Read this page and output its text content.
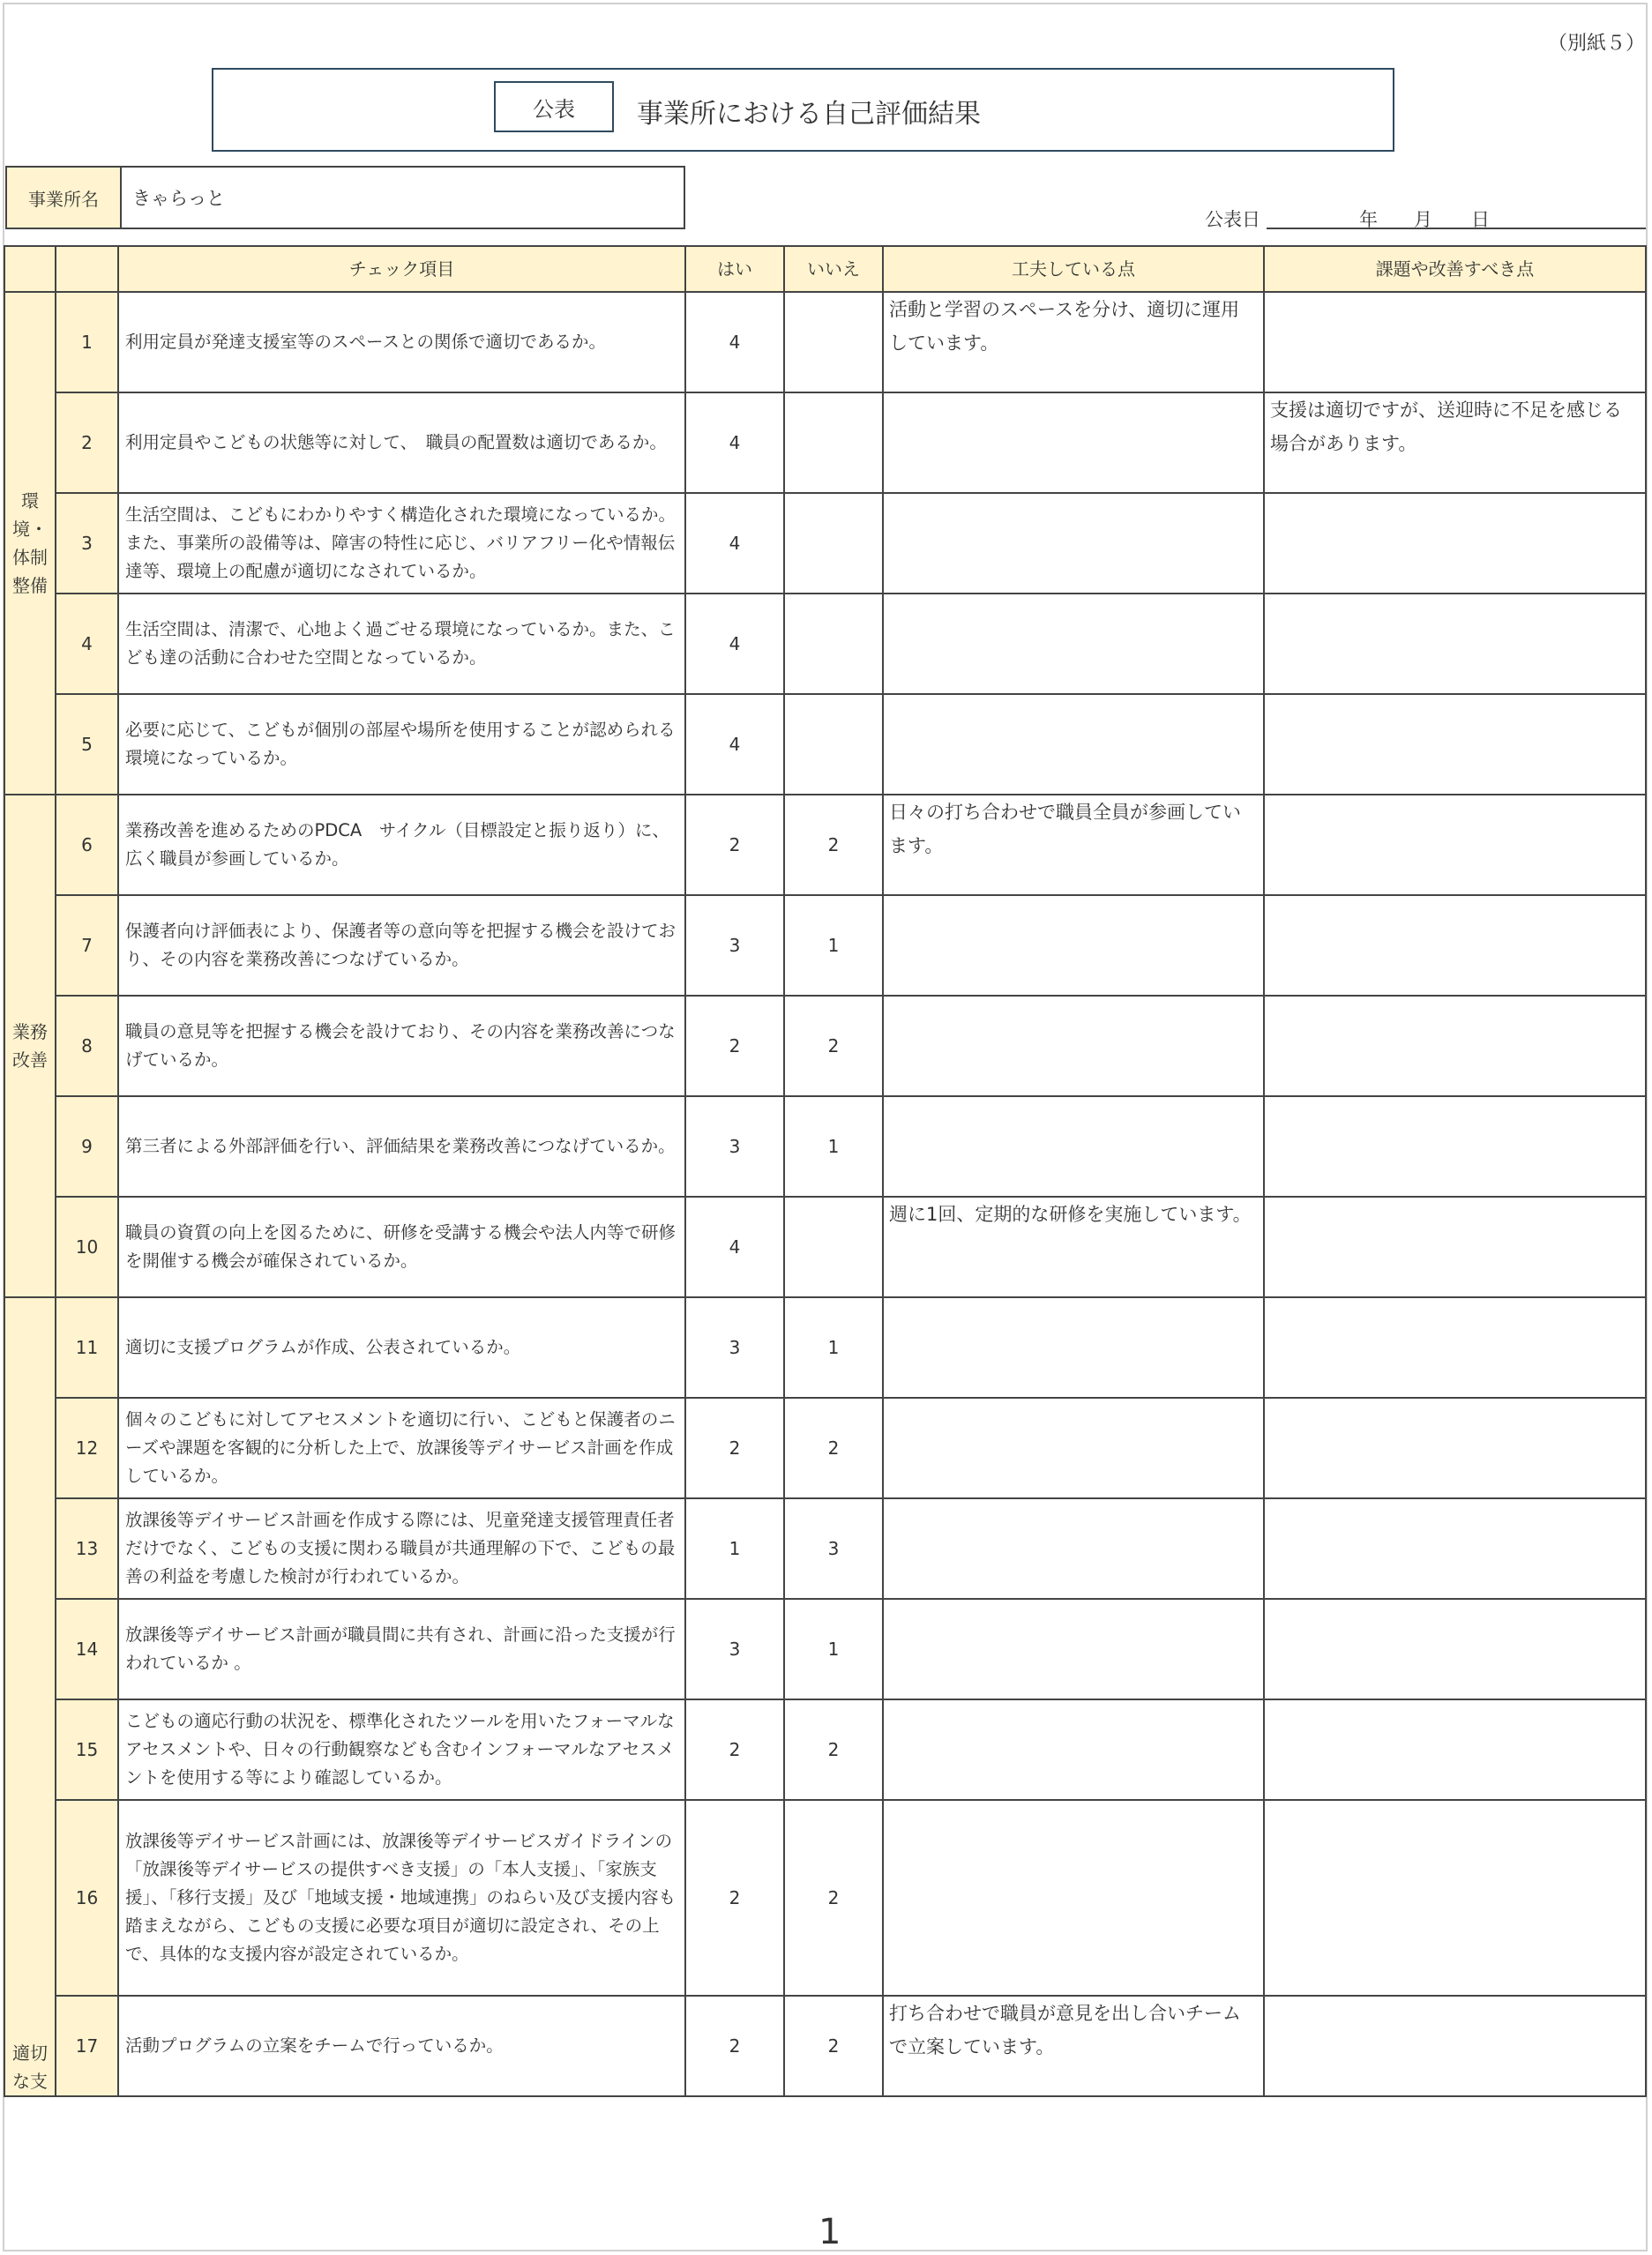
（別紙５）
公表	事業所における自己評価結果
事業所名	きゃらっと
公表日	年 月 日
		チェック項目	はい	いいえ	工夫している点	課題や改善すべき点
環境・体制整備	1	利用定員が発達支援室等のスペースとの関係で適切であるか。	4		活動と学習のスペースを分け、適切に運用しています。	
	2	利用定員やこどもの状態等に対して、　職員の配置数は適切であるか。	4			支援は適切ですが、送迎時に不足を感じる場合があります。
	3	生活空間は、こどもにわかりやすく構造化された環境になっているか。また、事業所の設備等は、障害の特性に応じ、バリアフリー化や情報伝達等、環境上の配慮が適切になされているか。	4			
	4	生活空間は、清潔で、心地よく過ごせる環境になっているか。また、こども達の活動に合わせた空間となっているか。	4			
	5	必要に応じて、こどもが個別の部屋や場所を使用することが認められる環境になっているか。	4			
業務改善	6	業務改善を進めるためのPDCA　サイクル（目標設定と振り返り）に、広く職員が参画しているか。	2	2	日々の打ち合わせで職員全員が参画しています。	
	7	保護者向け評価表により、保護者等の意向等を把握する機会を設けており、その内容を業務改善につなげているか。	3	1		
	8	職員の意見等を把握する機会を設けており、その内容を業務改善につなげているか。	2	2		
	9	第三者による外部評価を行い、評価結果を業務改善につなげているか。	3	1		
	10	職員の資質の向上を図るために、研修を受講する機会や法人内等で研修を開催する機会が確保されているか。	4		週に1回、定期的な研修を実施しています。	
適切な支	11	適切に支援プログラムが作成、公表されているか。	3	1		
	12	個々のこどもに対してアセスメントを適切に行い、こどもと保護者のニーズや課題を客観的に分析した上で、放課後等デイサービス計画を作成しているか。	2	2		
	13	放課後等デイサービス計画を作成する際には、児童発達支援管理責任者だけでなく、こどもの支援に関わる職員が共通理解の下で、こどもの最善の利益を考慮した検討が行われているか。	1	3		
	14	放課後等デイサービス計画が職員間に共有され、計画に沿った支援が行われているか 。	3	1		
	15	こどもの適応行動の状況を、標準化されたツールを用いたフォーマルなアセスメントや、日々の行動観察なども含むインフォーマルなアセスメントを使用する等により確認しているか。	2	2		
	16	放課後等デイサービス計画には、放課後等デイサービスガイドラインの「放課後等デイサービスの提供すべき支援」の「本人支援」、「家族支援」、「移行支援」及び「地域支援・地域連携」のねらい及び支援内容も踏まえながら、こどもの支援に必要な項目が適切に設定され、その上で、具体的な支援内容が設定されているか。	2	2		
	17	活動プログラムの立案をチームで行っているか。	2	2	打ち合わせで職員が意見を出し合いチームで立案しています。	
1
